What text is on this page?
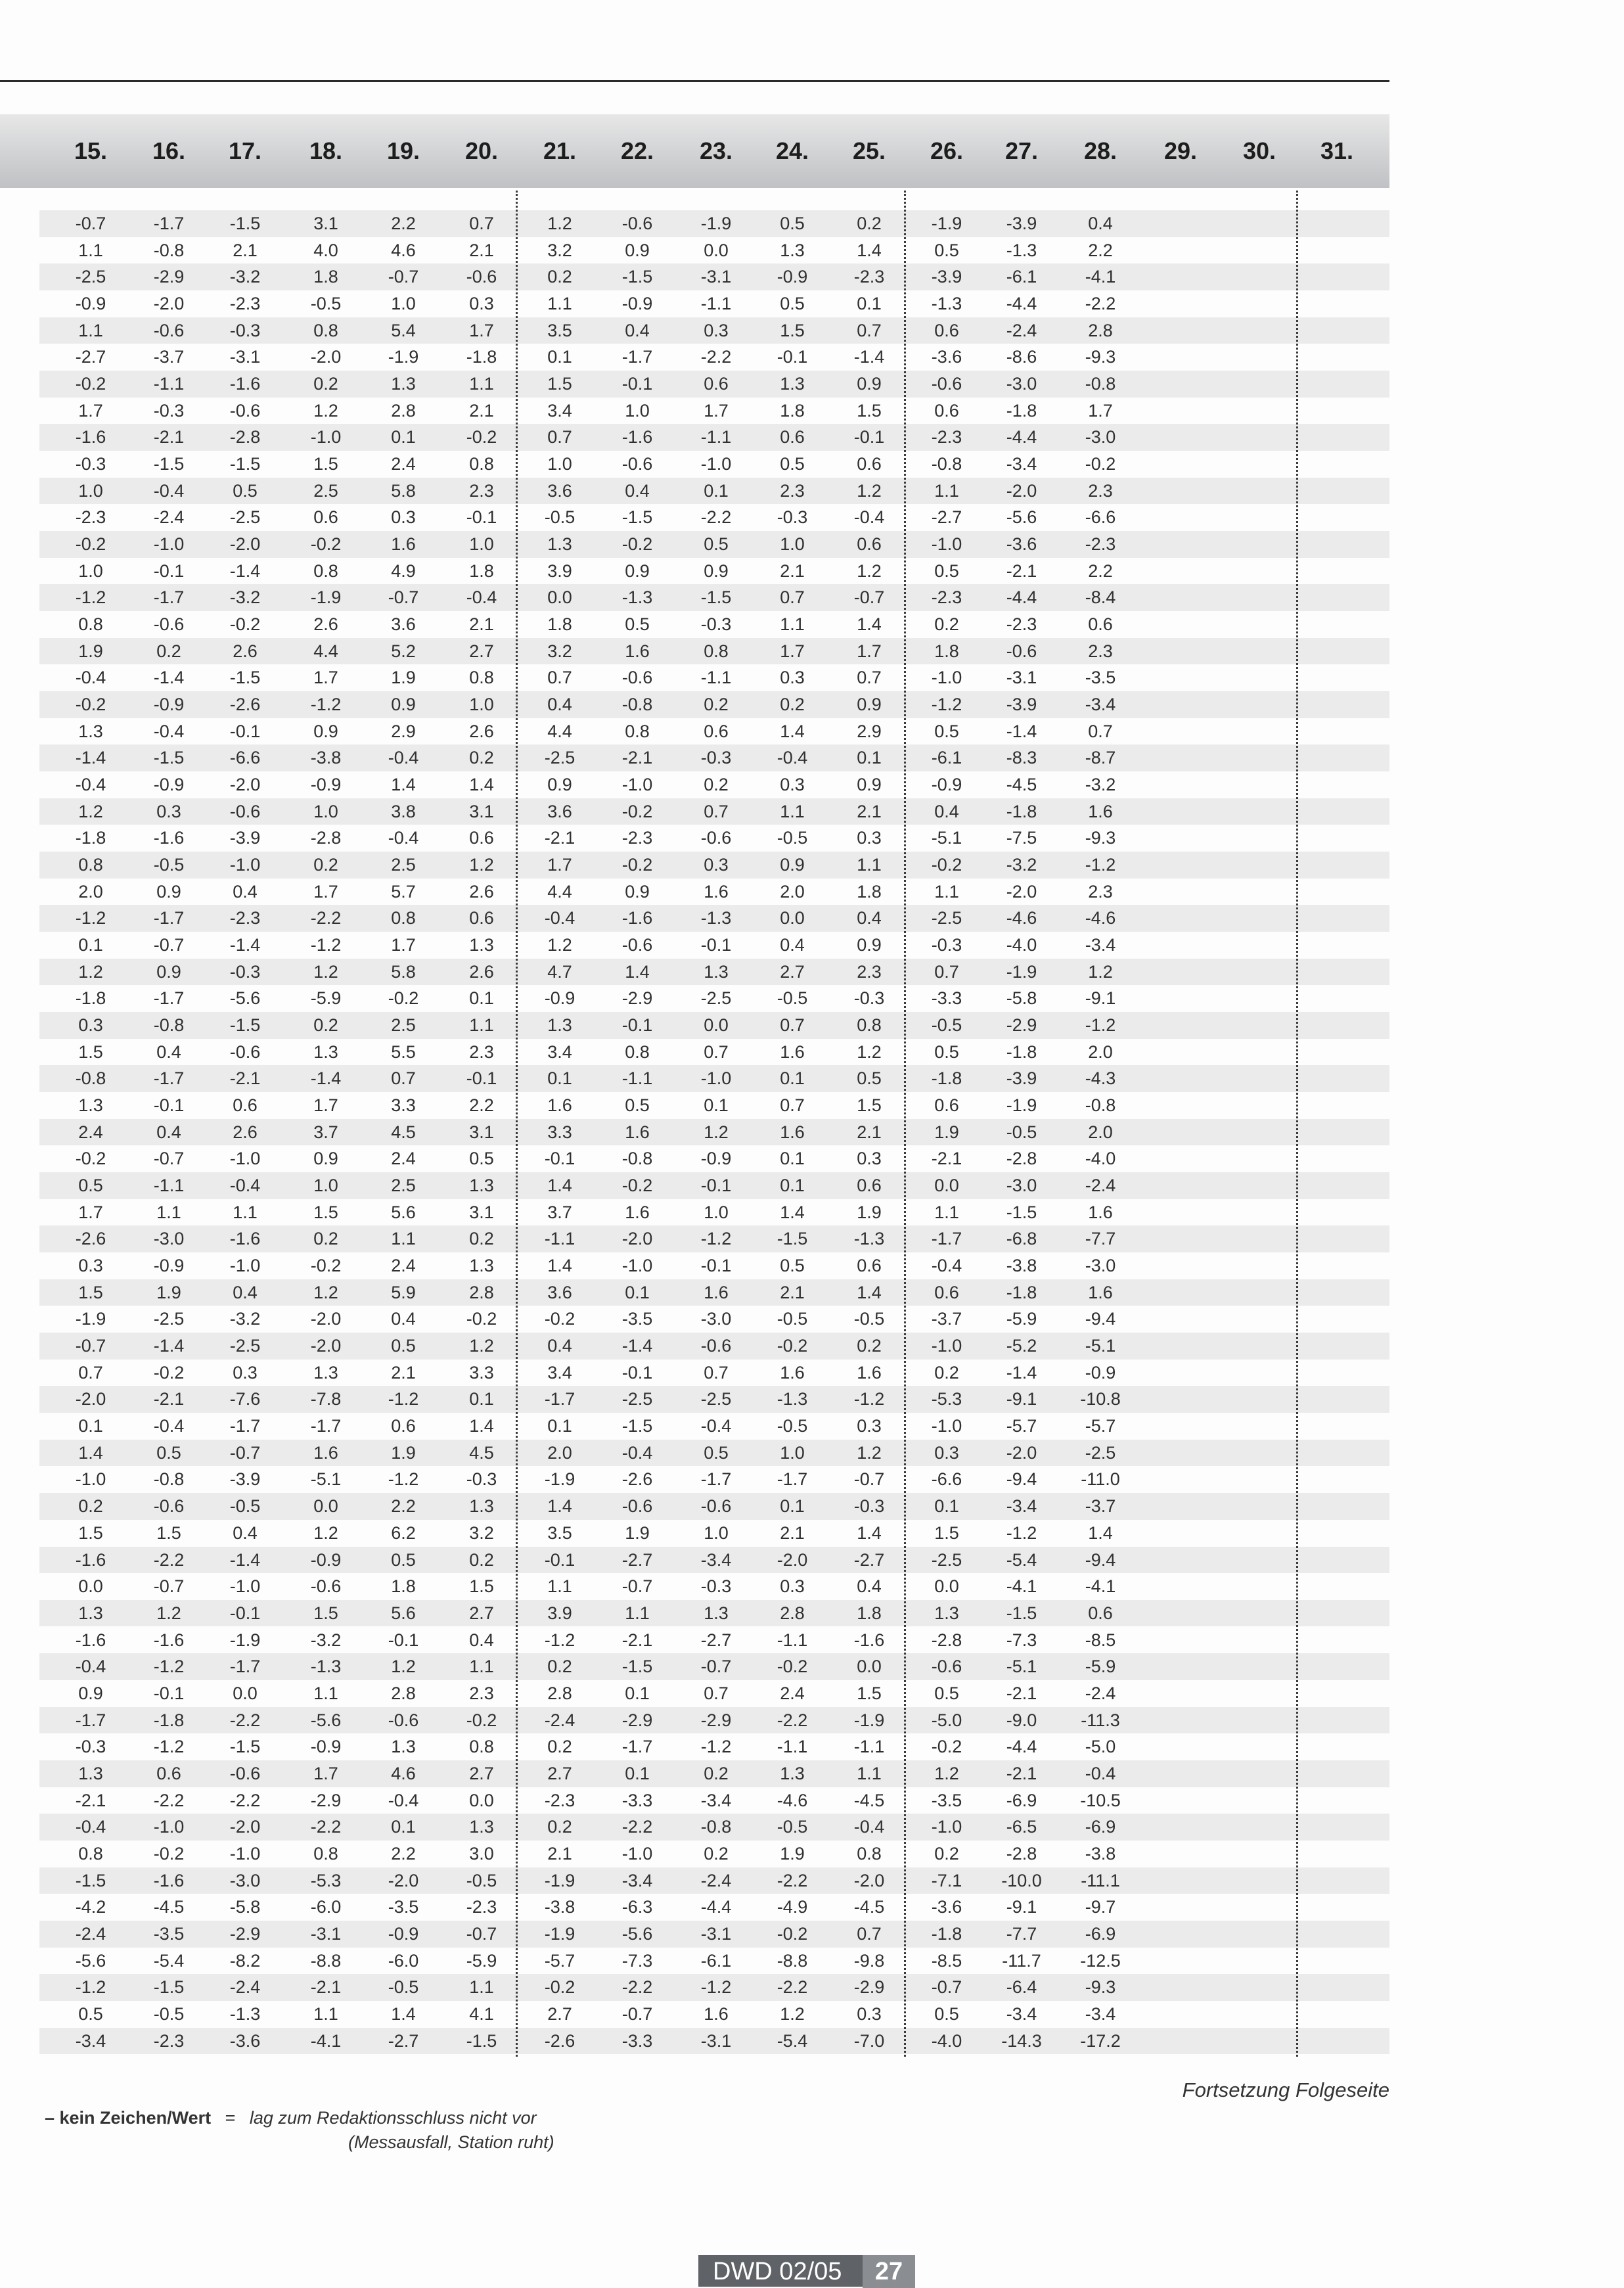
15. 16. 17. 18. 19. 20. 21. 22. 23. 24. 25. 26. 27. 28. 29. 30. 31.
-0.7	-1.7	-1.5	3.1	2.2	0.7	1.2	-0.6	-1.9	0.5	0.2	-1.9 -3.9	0.4
1.1	-0.8	2.1	4.0	4.6	2.1	3.2	0.9	0.0	1.3	1.4	0.5	-1.3	2.2
-2.5	-2.9	-3.2	1.8	-0.7	-0.6	0.2	-1.5	-3.1	-0.9	-2.3	-3.9 -6.1	-4.1
-0.9	-2.0	-2.3	-0.5	1.0	0.3	1.1	-0.9	-1.1	0.5	0.1	-1.3 -4.4	-2.2
1.1	-0.6	-0.3	0.8	5.4	1.7	3.5	0.4	0.3	1.5	0.7	0.6	-2.4	2.8
-2.7	-3.7	-3.1	-2.0	-1.9	-1.8	0.1	-1.7	-2.2	-0.1	-1.4	-3.6 -8.6	-9.3
-0.2	-1.1	-1.6	0.2	1.3	1.1	1.5	-0.1	0.6	1.3	0.9	-0.6 -3.0	-0.8
1.7	-0.3	-0.6	1.2	2.8	2.1	3.4	1.0	1.7	1.8	1.5	0.6	-1.8	1.7
-1.6	-2.1	-2.8	-1.0	0.1	-0.2	0.7	-1.6	-1.1	0.6	-0.1	-2.3 -4.4	-3.0
-0.3	-1.5	-1.5	1.5	2.4	0.8	1.0	-0.6	-1.0	0.5	0.6	-0.8 -3.4	-0.2
1.0	-0.4	0.5	2.5	5.8	2.3	3.6	0.4	0.1	2.3	1.2	1.1	-2.0	2.3
-2.3	-2.4	-2.5	0.6	0.3	-0.1	-0.5	-1.5	-2.2	-0.3	-0.4	-2.7 -5.6	-6.6
-0.2	-1.0	-2.0	-0.2	1.6	1.0	1.3	-0.2	0.5	1.0	0.6	-1.0 -3.6	-2.3
1.0	-0.1	-1.4	0.8	4.9	1.8	3.9	0.9	0.9	2.1	1.2	0.5	-2.1	2.2
-1.2	-1.7	-3.2	-1.9	-0.7	-0.4	0.0	-1.3	-1.5	0.7	-0.7	-2.3 -4.4	-8.4
0.8	-0.6	-0.2	2.6	3.6	2.1	1.8	0.5	-0.3	1.1	1.4	0.2	-2.3	0.6
1.9	0.2	2.6	4.4	5.2	2.7	3.2	1.6	0.8	1.7	1.7	1.8	-0.6	2.3
-0.4	-1.4	-1.5	1.7	1.9	0.8	0.7	-0.6	-1.1	0.3	0.7	-1.0 -3.1	-3.5
-0.2	-0.9	-2.6	-1.2	0.9	1.0	0.4	-0.8	0.2	0.2	0.9	-1.2 -3.9	-3.4
1.3	-0.4	-0.1	0.9	2.9	2.6	4.4	0.8	0.6	1.4	2.9	0.5	-1.4	0.7
-1.4	-1.5	-6.6	-3.8	-0.4	0.2	-2.5	-2.1	-0.3	-0.4	0.1	-6.1 -8.3	-8.7
-0.4	-0.9	-2.0	-0.9	1.4	1.4	0.9	-1.0	0.2	0.3	0.9	-0.9 -4.5	-3.2
1.2	0.3	-0.6	1.0	3.8	3.1	3.6	-0.2	0.7	1.1	2.1	0.4	-1.8	1.6
-1.8	-1.6	-3.9	-2.8	-0.4	0.6	-2.1	-2.3	-0.6	-0.5	0.3	-5.1 -7.5	-9.3
0.8	-0.5	-1.0	0.2	2.5	1.2	1.7	-0.2	0.3	0.9	1.1	-0.2 -3.2	-1.2
2.0	0.9	0.4	1.7	5.7	2.6	4.4	0.9	1.6	2.0	1.8	1.1	-2.0	2.3
-1.2	-1.7	-2.3	-2.2	0.8	0.6	-0.4	-1.6	-1.3	0.0	0.4	-2.5 -4.6	-4.6
0.1	-0.7	-1.4	-1.2	1.7	1.3	1.2	-0.6	-0.1	0.4	0.9	-0.3 -4.0	-3.4
1.2	0.9	-0.3	1.2	5.8	2.6	4.7	1.4	1.3	2.7	2.3	0.7	-1.9	1.2
-1.8	-1.7	-5.6	-5.9	-0.2	0.1	-0.9	-2.9	-2.5	-0.5	-0.3	-3.3 -5.8	-9.1
0.3	-0.8	-1.5	0.2	2.5	1.1	1.3	-0.1	0.0	0.7	0.8	-0.5 -2.9	-1.2
1.5	0.4	-0.6	1.3	5.5	2.3	3.4	0.8	0.7	1.6	1.2	0.5	-1.8	2.0
-0.8	-1.7	-2.1	-1.4	0.7	-0.1	0.1	-1.1	-1.0	0.1	0.5	-1.8 -3.9	-4.3
1.3	-0.1	0.6	1.7	3.3	2.2	1.6	0.5	0.1	0.7	1.5	0.6	-1.9	-0.8
2.4	0.4	2.6	3.7	4.5	3.1	3.3	1.6	1.2	1.6	2.1	1.9	-0.5	2.0
-0.2	-0.7	-1.0	0.9	2.4	0.5	-0.1	-0.8	-0.9	0.1	0.3	-2.1 -2.8	-4.0
0.5	-1.1	-0.4	1.0	2.5	1.3	1.4	-0.2	-0.1	0.1	0.6	0.0	-3.0	-2.4
1.7	1.1	1.1	1.5	5.6	3.1	3.7	1.6	1.0	1.4	1.9	1.1	-1.5	1.6
-2.6	-3.0	-1.6	0.2	1.1	0.2	-1.1	-2.0	-1.2	-1.5	-1.3	-1.7 -6.8	-7.7
0.3	-0.9	-1.0	-0.2	2.4	1.3	1.4	-1.0	-0.1	0.5	0.6	-0.4 -3.8	-3.0
1.5	1.9	0.4	1.2	5.9	2.8	3.6	0.1	1.6	2.1	1.4	0.6	-1.8	1.6
-1.9	-2.5	-3.2	-2.0	0.4	-0.2	-0.2	-3.5	-3.0	-0.5	-0.5	-3.7 -5.9	-9.4
-0.7	-1.4	-2.5	-2.0	0.5	1.2	0.4	-1.4	-0.6	-0.2	0.2	-1.0 -5.2	-5.1
0.7	-0.2	0.3	1.3	2.1	3.3	3.4	-0.1	0.7	1.6	1.6	0.2	-1.4	-0.9
-2.0	-2.1	-7.6	-7.8	-1.2	0.1	-1.7	-2.5	-2.5	-1.3	-1.2	-5.3 -9.1 -10.8
0.1	-0.4	-1.7	-1.7	0.6	1.4	0.1	-1.5	-0.4	-0.5	0.3	-1.0 -5.7	-5.7
1.4	0.5	-0.7	1.6	1.9	4.5	2.0	-0.4	0.5	1.0	1.2	0.3	-2.0	-2.5
-1.0	-0.8	-3.9	-5.1	-1.2	-0.3	-1.9	-2.6	-1.7	-1.7	-0.7	-6.6 -9.4 -11.0
0.2	-0.6	-0.5	0.0	2.2	1.3	1.4	-0.6	-0.6	0.1	-0.3	0.1	-3.4	-3.7
1.5	1.5	0.4	1.2	6.2	3.2	3.5	1.9	1.0	2.1	1.4	1.5	-1.2	1.4
-1.6	-2.2	-1.4	-0.9	0.5	0.2	-0.1	-2.7	-3.4	-2.0	-2.7	-2.5 -5.4	-9.4
0.0	-0.7	-1.0	-0.6	1.8	1.5	1.1	-0.7	-0.3	0.3	0.4	0.0	-4.1	-4.1
1.3	1.2	-0.1	1.5	5.6	2.7	3.9	1.1	1.3	2.8	1.8	1.3	-1.5	0.6
-1.6	-1.6	-1.9	-3.2	-0.1	0.4	-1.2	-2.1	-2.7	-1.1	-1.6	-2.8 -7.3	-8.5
-0.4	-1.2	-1.7	-1.3	1.2	1.1	0.2	-1.5	-0.7	-0.2	0.0	-0.6 -5.1	-5.9
0.9	-0.1	0.0	1.1	2.8	2.3	2.8	0.1	0.7	2.4	1.5	0.5	-2.1	-2.4
-1.7	-1.8	-2.2	-5.6	-0.6	-0.2	-2.4	-2.9	-2.9	-2.2	-1.9	-5.0 -9.0 -11.3
-0.3	-1.2	-1.5	-0.9	1.3	0.8	0.2	-1.7	-1.2	-1.1	-1.1	-0.2 -4.4	-5.0
1.3	0.6	-0.6	1.7	4.6	2.7	2.7	0.1	0.2	1.3	1.1	1.2	-2.1	-0.4
-2.1	-2.2	-2.2	-2.9	-0.4	0.0	-2.3	-3.3	-3.4	-4.6	-4.5	-3.5 -6.9 -10.5
-0.4	-1.0	-2.0	-2.2	0.1	1.3	0.2	-2.2	-0.8	-0.5	-0.4	-1.0 -6.5	-6.9
0.8	-0.2	-1.0	0.8	2.2	3.0	2.1	-1.0	0.2	1.9	0.8	0.2	-2.8	-3.8
-1.5	-1.6	-3.0	-5.3	-2.0	-0.5	-1.9	-3.4	-2.4	-2.2	-2.0	-7.1 -10.0 -11.1
-4.2	-4.5	-5.8	-6.0	-3.5	-2.3	-3.8	-6.3	-4.4	-4.9	-4.5	-3.6 -9.1	-9.7
-2.4	-3.5	-2.9	-3.1	-0.9	-0.7	-1.9	-5.6	-3.1	-0.2	0.7	-1.8 -7.7	-6.9
-5.6	-5.4	-8.2	-8.8	-6.0	-5.9	-5.7	-7.3	-6.1	-8.8	-9.8	-8.5 -11.7 -12.5
-1.2	-1.5	-2.4	-2.1	-0.5	1.1	-0.2	-2.2	-1.2	-2.2	-2.9	-0.7 -6.4	-9.3
0.5	-0.5	-1.3	1.1	1.4	4.1	2.7	-0.7	1.6	1.2	0.3	0.5	-3.4	-3.4
-3.4	-2.3	-3.6	-4.1	-2.7	-1.5	-2.6	-3.3	-3.1	-5.4	-7.0	-4.0 -14.3 -17.2
Fortsetzung Folgeseite
– kein Zeichen/Wert = lag zum Redaktionsschluss nicht vor
(Messausfall, Station ruht)
DWD 02/05	27
